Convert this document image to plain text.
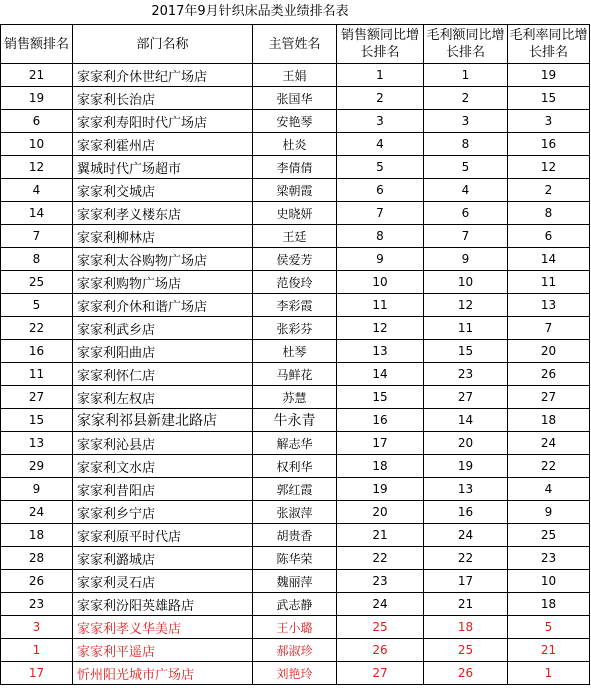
2017年9月针织床品类业绩排名表
销售额排名	部门名称	主管姓名	销售额同比增长排名	毛利额同比增长排名	毛利率同比增长排名
21	家家利介休世纪广场店	王娟	1	1	19
19	家家利长治店	张国华	2	2	15
6	家家利寿阳时代广场店	安艳琴	3	3	3
10	家家利霍州店	杜炎	4	8	16
12	翼城时代广场超市	李倩倩	5	5	12
4	家家利交城店	梁朝霞	6	4	2
14	家家利孝义楼东店	史晓妍	7	6	8
7	家家利柳林店	王廷	8	7	6
8	家家利太谷购物广场店	侯爱芳	9	9	14
25	家家利购物广场店	范俊玲	10	10	11
5	家家利介休和谐广场店	李彩霞	11	12	13
22	家家利武乡店	张彩芬	12	11	7
16	家家利阳曲店	杜琴	13	15	20
11	家家利怀仁店	马鲜花	14	23	26
27	家家利左权店	苏慧	15	27	27
15	家家利祁县新建北路店	牛永青	16	14	18
13	家家利沁县店	解志华	17	20	24
29	家家利文水店	权利华	18	19	22
9	家家利昔阳店	郭红霞	19	13	4
24	家家利乡宁店	张淑萍	20	16	9
18	家家利原平时代店	胡贵香	21	24	25
28	家家利潞城店	陈华荣	22	22	23
26	家家利灵石店	魏丽萍	23	17	10
23	家家利汾阳英雄路店	武志静	24	21	18
3	家家利孝义华美店	王小璐	25	18	5
1	家家利平遥店	郝淑珍	26	25	21
17	忻州阳光城市广场店	刘艳玲	27	26	1
